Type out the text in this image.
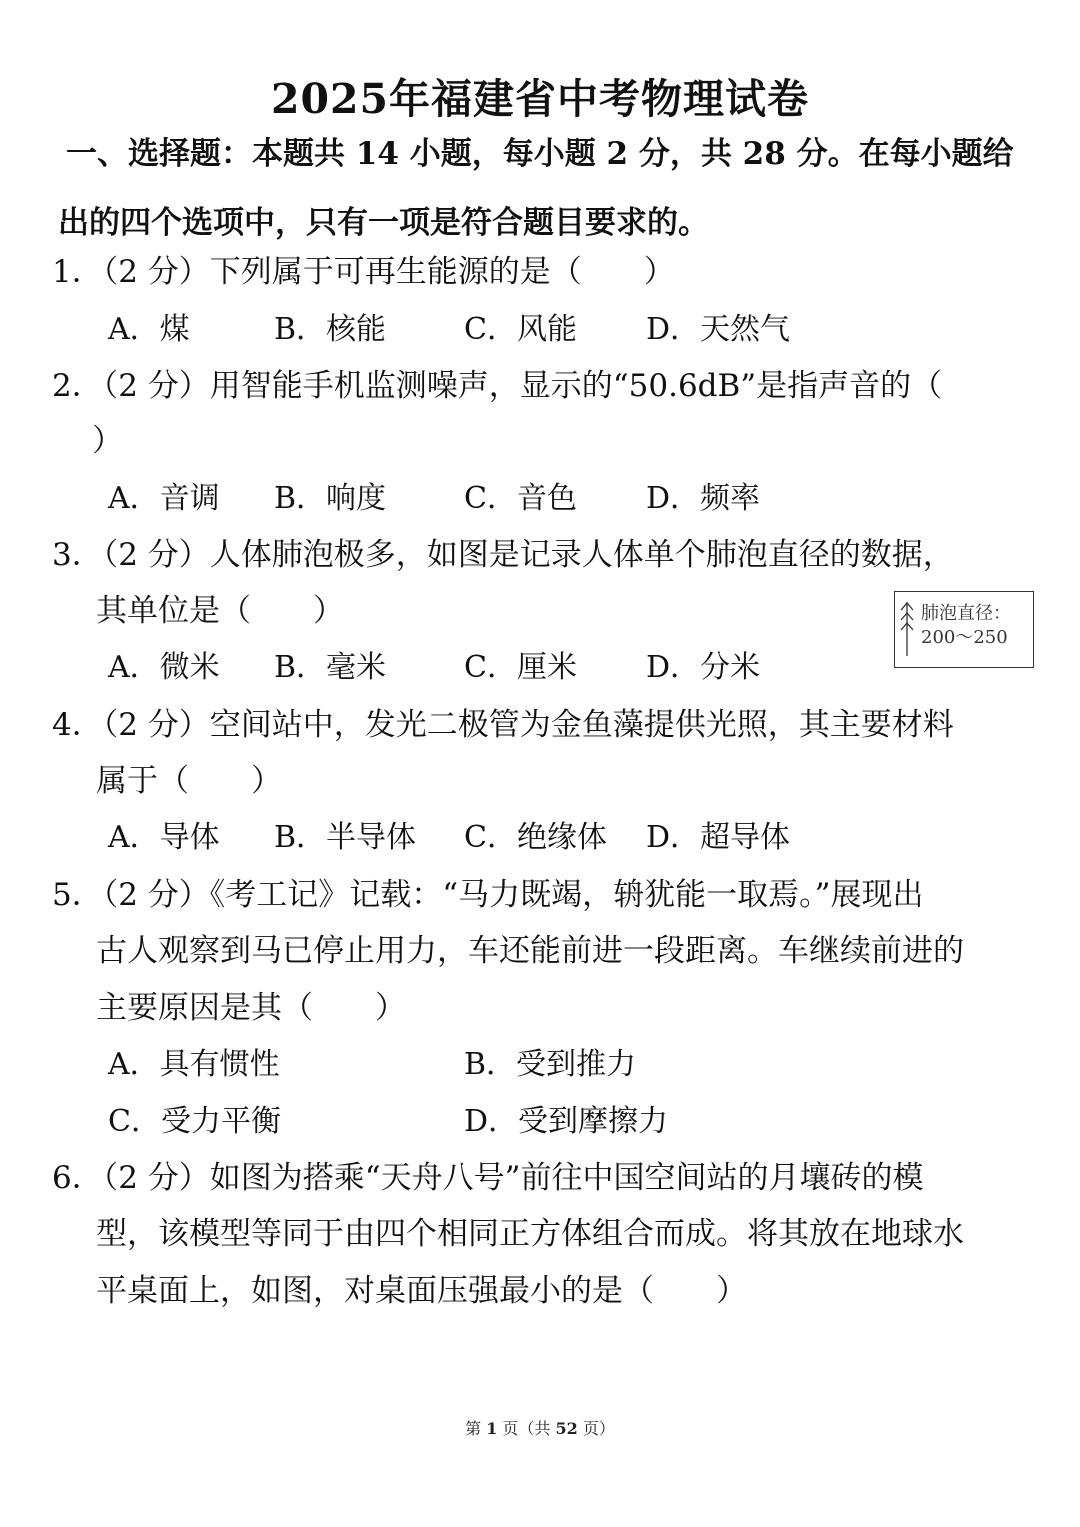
2025年福建省中考物理试卷
一、选择题：本题共 14 小题，每小题 2 分，共 28 分。在每小题给
出的四个选项中，只有一项是符合题目要求的。
1．（2 分）下列属于可再生能源的是（　　）
A．煤	B．核能	C．风能 D．天然气
2．（2 分）用智能手机监测噪声，显示的“50.6dB”是指声音的（
）
A．音调 B．响度	C．音色 D．频率
3．（2 分）人体肺泡极多，如图是记录人体单个肺泡直径的数据，
其单位是（　　）
A．微米 B．毫米	C．厘米 D．分米
肺泡直径：
200～250
4．（2 分）空间站中，发光二极管为金鱼藻提供光照，其主要材料
属于（　　）
A．导体 B．半导体 C．绝缘体 D．超导体
5．（2 分）《考工记》记载：“马力既竭，辀犹能一取焉。”展现出
古人观察到马已停止用力，车还能前进一段距离。车继续前进的
主要原因是其（　　）
A．具有惯性	B．受到推力
C．受力平衡	D．受到摩擦力
6．（2 分）如图为搭乘“天舟八号”前往中国空间站的月壤砖的模
型，该模型等同于由四个相同正方体组合而成。将其放在地球水
平桌面上，如图，对桌面压强最小的是（　　）
第 1 页（共 52 页）
